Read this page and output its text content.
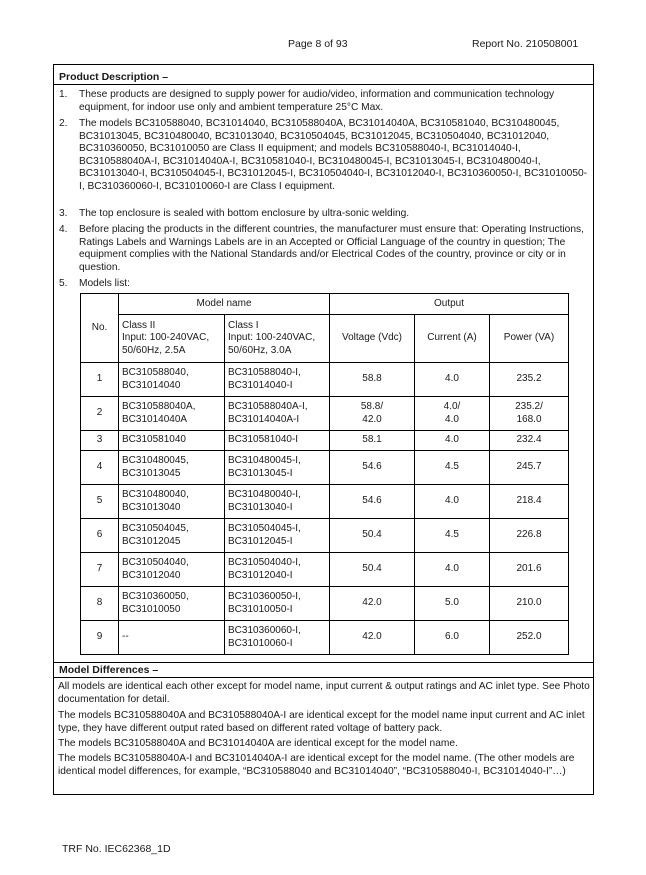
Page 8 of 93	Report No. 210508001
Product Description –
1. These products are designed to supply power for audio/video, information and communication technology equipment, for indoor use only and ambient temperature 25°C Max.
2. The models BC310588040, BC31014040, BC310588040A, BC31014040A, BC310581040, BC310480045, BC31013045, BC310480040, BC31013040, BC310504045, BC31012045, BC310504040, BC31012040, BC310360050, BC31010050 are Class II equipment; and models BC310588040-I, BC31014040-I, BC310588040A-I, BC31014040A-I, BC310581040-I, BC310480045-I, BC31013045-I, BC310480040-I, BC31013040-I, BC310504045-I, BC31012045-I, BC310504040-I, BC31012040-I, BC310360050-I, BC31010050-I, BC310360060-I, BC31010060-I are Class I equipment.
3. The top enclosure is sealed with bottom enclosure by ultra-sonic welding.
4. Before placing the products in the different countries, the manufacturer must ensure that: Operating Instructions, Ratings Labels and Warnings Labels are in an Accepted or Official Language of the country in question; The equipment complies with the National Standards and/or Electrical Codes of the country, province or city or in question.
5. Models list:
No.	Model name		Output		
	Class II
Input: 100-240VAC, 50/60Hz, 2.5A	Class I
Input: 100-240VAC, 50/60Hz, 3.0A	Voltage (Vdc)	Current (A)	Power (VA)
1	BC310588040,
BC31014040	BC310588040-I,
BC31014040-I	58.8	4.0	235.2
2	BC310588040A,
BC31014040A	BC310588040A-I,
BC31014040A-I	58.8/
42.0	4.0/
4.0	235.2/
168.0
3	BC310581040	BC310581040-I	58.1	4.0	232.4
4	BC310480045,
BC31013045	BC310480045-I,
BC31013045-I	54.6	4.5	245.7
5	BC310480040,
BC31013040	BC310480040-I,
BC31013040-I	54.6	4.0	218.4
6	BC310504045,
BC31012045	BC310504045-I,
BC31012045-I	50.4	4.5	226.8
7	BC310504040,
BC31012040	BC310504040-I,
BC31012040-I	50.4	4.0	201.6
8	BC310360050,
BC31010050	BC310360050-I,
BC31010050-I	42.0	5.0	210.0
9	--	BC310360060-I,
BC31010060-I	42.0	6.0	252.0
Model Differences –
All models are identical each other except for model name, input current & output ratings and AC inlet type. See Photo documentation for detail.
The models BC310588040A and BC310588040A-I are identical except for the model name input current and AC inlet type, they have different output rated based on different rated voltage of battery pack.
The models BC310588040A and BC31014040A are identical except for the model name.
The models BC310588040A-I and BC31014040A-I are identical except for the model name. (The other models are identical model differences, for example, “BC310588040 and BC31014040”, “BC310588040-I, BC31014040-I”…)
TRF No. IEC62368_1D
